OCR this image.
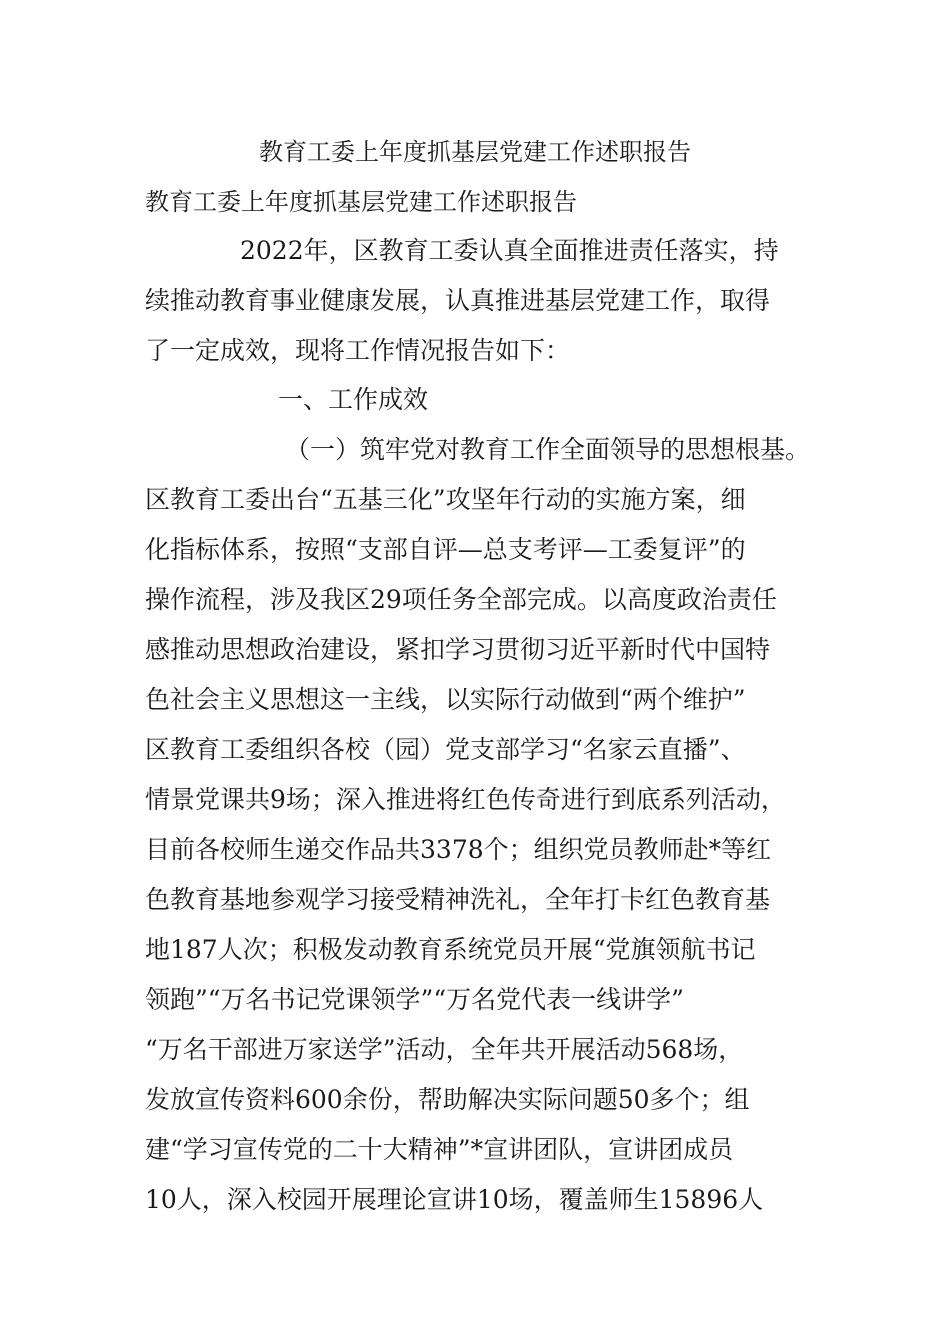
教育工委上年度抓基层党建工作述职报告
教育工委上年度抓基层党建工作述职报告
2022年，区教育工委认真全面推进责任落实，持
续推动教育事业健康发展，认真推进基层党建工作，取得
了一定成效，现将工作情况报告如下：
一、工作成效
（一）筑牢党对教育工作全面领导的思想根基。
区教育工委出台“五基三化”攻坚年行动的实施方案，细
化指标体系，按照“支部自评—总支考评—工委复评”的
操作流程，涉及我区29项任务全部完成。以高度政治责任
感推动思想政治建设，紧扣学习贯彻习近平新时代中国特
色社会主义思想这一主线，以实际行动做到“两个维护”
区教育工委组织各校（园）党支部学习“名家云直播”、
情景党课共9场；深入推进将红色传奇进行到底系列活动，
目前各校师生递交作品共3378个；组织党员教师赴*等红
色教育基地参观学习接受精神洗礼，全年打卡红色教育基
地187人次；积极发动教育系统党员开展“党旗领航书记
领跑”“万名书记党课领学”“万名党代表一线讲学”
“万名干部进万家送学”活动，全年共开展活动568场，
发放宣传资料600余份，帮助解决实际问题50多个；组
建“学习宣传党的二十大精神”*宣讲团队，宣讲团成员
10人，深入校园开展理论宣讲10场，覆盖师生15896人
